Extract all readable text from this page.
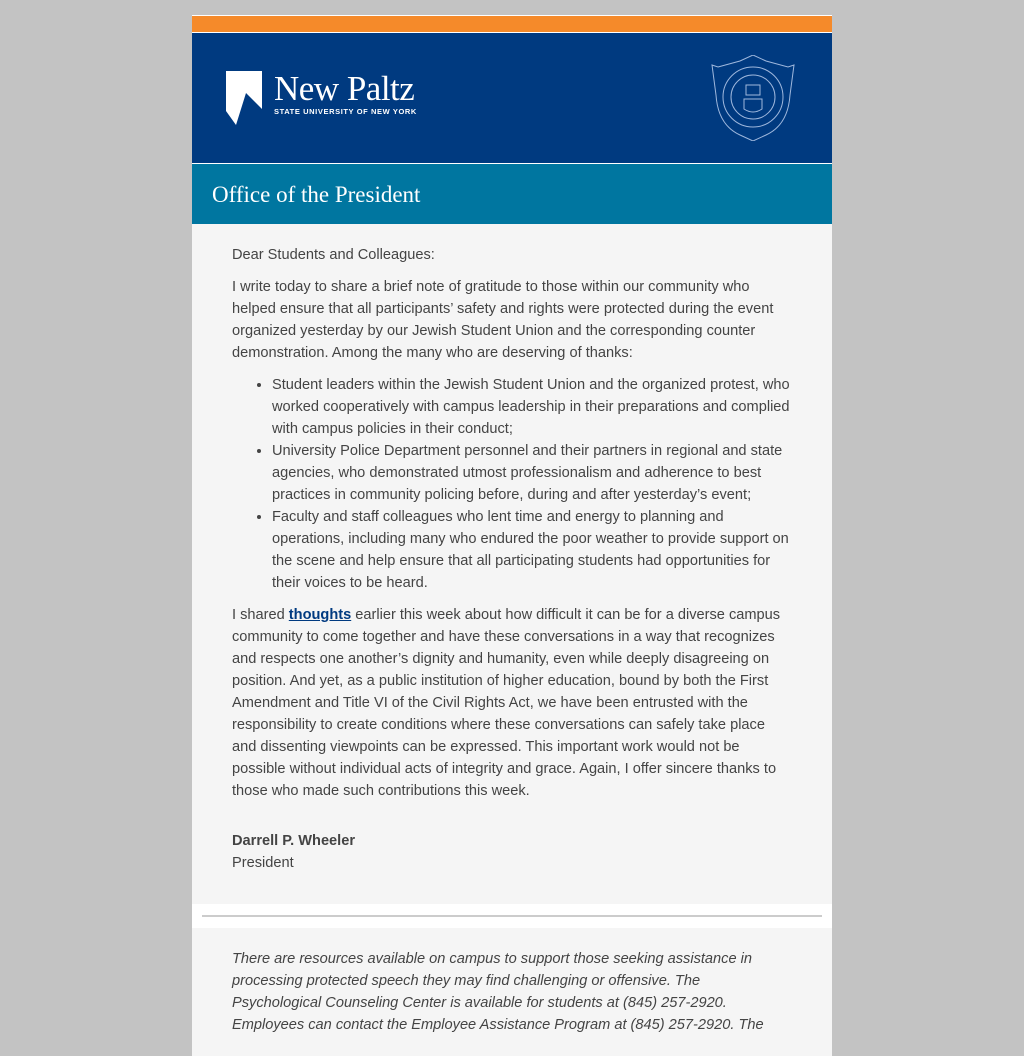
New Paltz
STATE UNIVERSITY OF NEW YORK
Office of the President

Dear Students and Colleagues:

I write today to share a brief note of gratitude to those within our community who helped ensure that all participants’ safety and rights were protected during the event organized yesterday by our Jewish Student Union and the corresponding counter demonstration. Among the many who are deserving of thanks:

• Student leaders within the Jewish Student Union and the organized protest, who worked cooperatively with campus leadership in their preparations and complied with campus policies in their conduct;
• University Police Department personnel and their partners in regional and state agencies, who demonstrated utmost professionalism and adherence to best practices in community policing before, during and after yesterday’s event;
• Faculty and staff colleagues who lent time and energy to planning and operations, including many who endured the poor weather to provide support on the scene and help ensure that all participating students had opportunities for their voices to be heard.

I shared thoughts earlier this week about how difficult it can be for a diverse campus community to come together and have these conversations in a way that recognizes and respects one another’s dignity and humanity, even while deeply disagreeing on position. And yet, as a public institution of higher education, bound by both the First Amendment and Title VI of the Civil Rights Act, we have been entrusted with the responsibility to create conditions where these conversations can safely take place and dissenting viewpoints can be expressed. This important work would not be possible without individual acts of integrity and grace. Again, I offer sincere thanks to those who made such contributions this week.

Darrell P. Wheeler
President

There are resources available on campus to support those seeking assistance in processing protected speech they may find challenging or offensive. The Psychological Counseling Center is available for students at (845) 257-2920. Employees can contact the Employee Assistance Program at (845) 257-2920. The
